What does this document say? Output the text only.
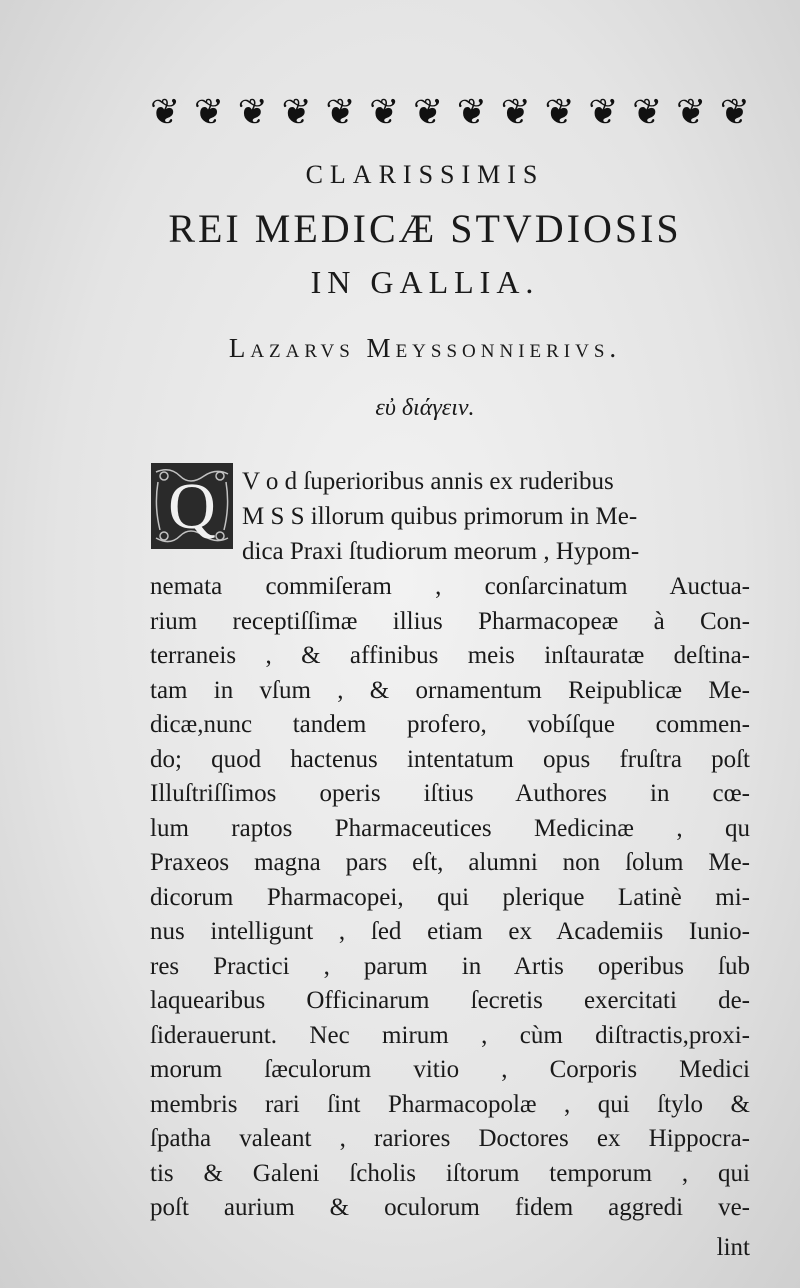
❦ ❦ ❦ ❦ ❦ ❦ ❦ ❦ ❦ ❦ ❦ ❦ ❦ ❦
CLARISSIMIS
REI MEDICÆ STVDIOSIS
IN GALLIA.
Lazarvs Meyssonnierivs.
εὐ διάγειν.
Q V o d ſuperioribus annis ex ruderibus
M S S illorum quibus primorum in Me-
dica Praxi ſtudiorum meorum , Hypom-
nemata commiſeram , conſarcinatum Auctua-
rium receptiſſimæ illius Pharmacopeæ à Con-
terraneis , & affinibus meis inſtauratæ deſtina-
tam in vſum , & ornamentum Reipublicæ Me-
dicæ,nunc tandem profero, vobíſque commen-
do; quod hactenus intentatum opus fruſtra poſt
Illuſtriſſimos operis iſtius Authores in cœ-
lum raptos Pharmaceutices Medicinæ , qu
Praxeos magna pars eſt, alumni non ſolum Me-
dicorum Pharmacopei, qui plerique Latinè mi-
nus intelligunt , ſed etiam ex Academiis Iunio-
res Practici , parum in Artis operibus ſub
laquearibus Officinarum ſecretis exercitati de-
ſiderauerunt. Nec mirum , cùm diſtractis,proxi-
morum ſæculorum vitio , Corporis Medici
membris rari ſint Pharmacopolæ , qui ſtylo &
ſpatha valeant , rariores Doctores ex Hippocra-
tis & Galeni ſcholis iſtorum temporum , qui
poſt aurium & oculorum fidem aggredi ve-
lint
